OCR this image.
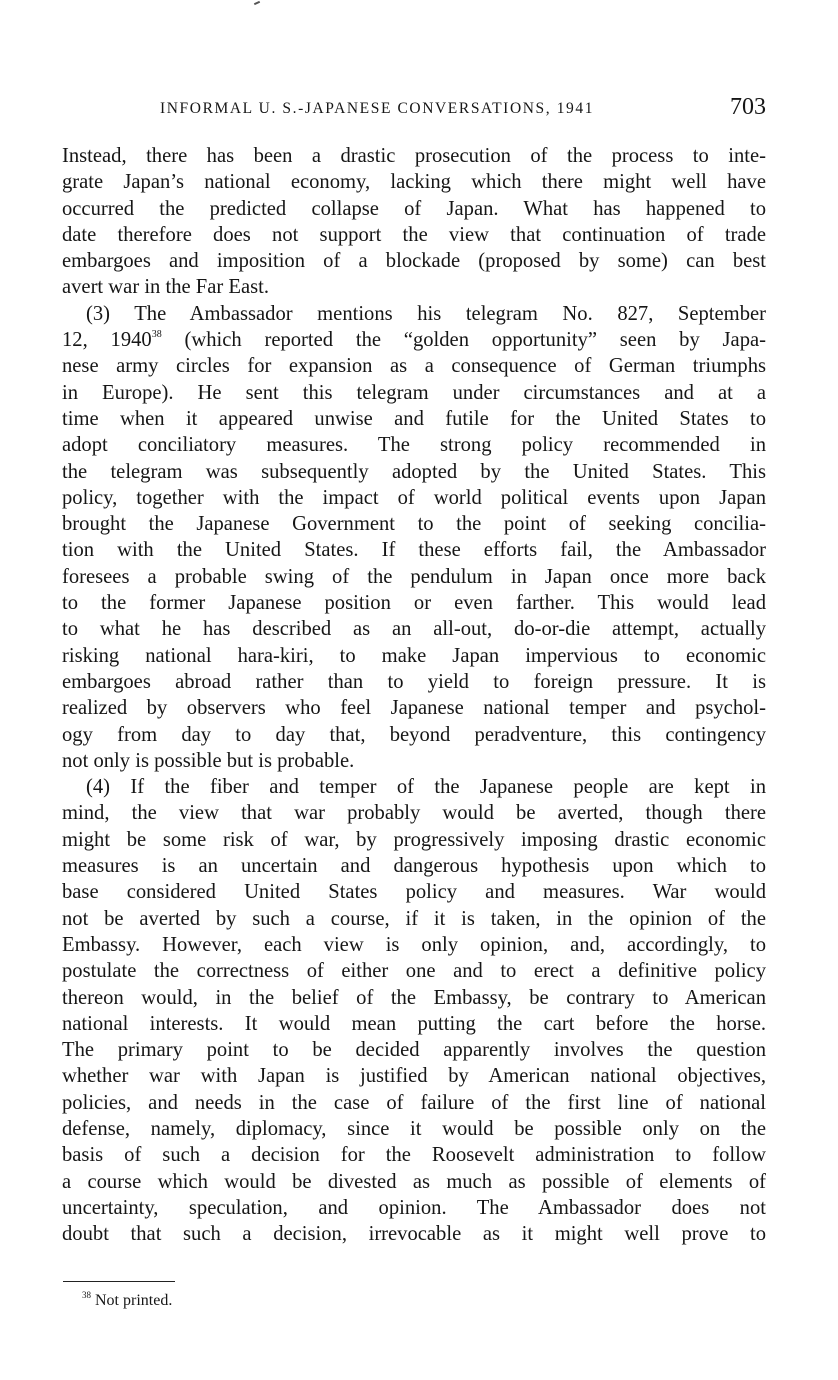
INFORMAL U. S.-JAPANESE CONVERSATIONS, 1941	703
Instead, there has been a drastic prosecution of the process to inte-
grate Japan’s national economy, lacking which there might well have
occurred the predicted collapse of Japan. What has happened to
date therefore does not support the view that continuation of trade
embargoes and imposition of a blockade (proposed by some) can best
avert war in the Far East.
(3) The Ambassador mentions his telegram No. 827, September
12, 1940$^{38}$ (which reported the “golden opportunity” seen by Japa-
nese army circles for expansion as a consequence of German triumphs
in Europe). He sent this telegram under circumstances and at a
time when it appeared unwise and futile for the United States to
adopt conciliatory measures. The strong policy recommended in
the telegram was subsequently adopted by the United States. This
policy, together with the impact of world political events upon Japan
brought the Japanese Government to the point of seeking concilia-
tion with the United States. If these efforts fail, the Ambassador
foresees a probable swing of the pendulum in Japan once more back
to the former Japanese position or even farther. This would lead
to what he has described as an all-out, do-or-die attempt, actually
risking national hara-kiri, to make Japan impervious to economic
embargoes abroad rather than to yield to foreign pressure. It is
realized by observers who feel Japanese national temper and psychol-
ogy from day to day that, beyond peradventure, this contingency
not only is possible but is probable.
(4) If the fiber and temper of the Japanese people are kept in
mind, the view that war probably would be averted, though there
might be some risk of war, by progressively imposing drastic economic
measures is an uncertain and dangerous hypothesis upon which to
base considered United States policy and measures. War would
not be averted by such a course, if it is taken, in the opinion of the
Embassy. However, each view is only opinion, and, accordingly, to
postulate the correctness of either one and to erect a definitive policy
thereon would, in the belief of the Embassy, be contrary to American
national interests. It would mean putting the cart before the horse.
The primary point to be decided apparently involves the question
whether war with Japan is justified by American national objectives,
policies, and needs in the case of failure of the first line of national
defense, namely, diplomacy, since it would be possible only on the
basis of such a decision for the Roosevelt administration to follow
a course which would be divested as much as possible of elements of
uncertainty, speculation, and opinion. The Ambassador does not
doubt that such a decision, irrevocable as it might well prove to
$^{38}$ Not printed.
